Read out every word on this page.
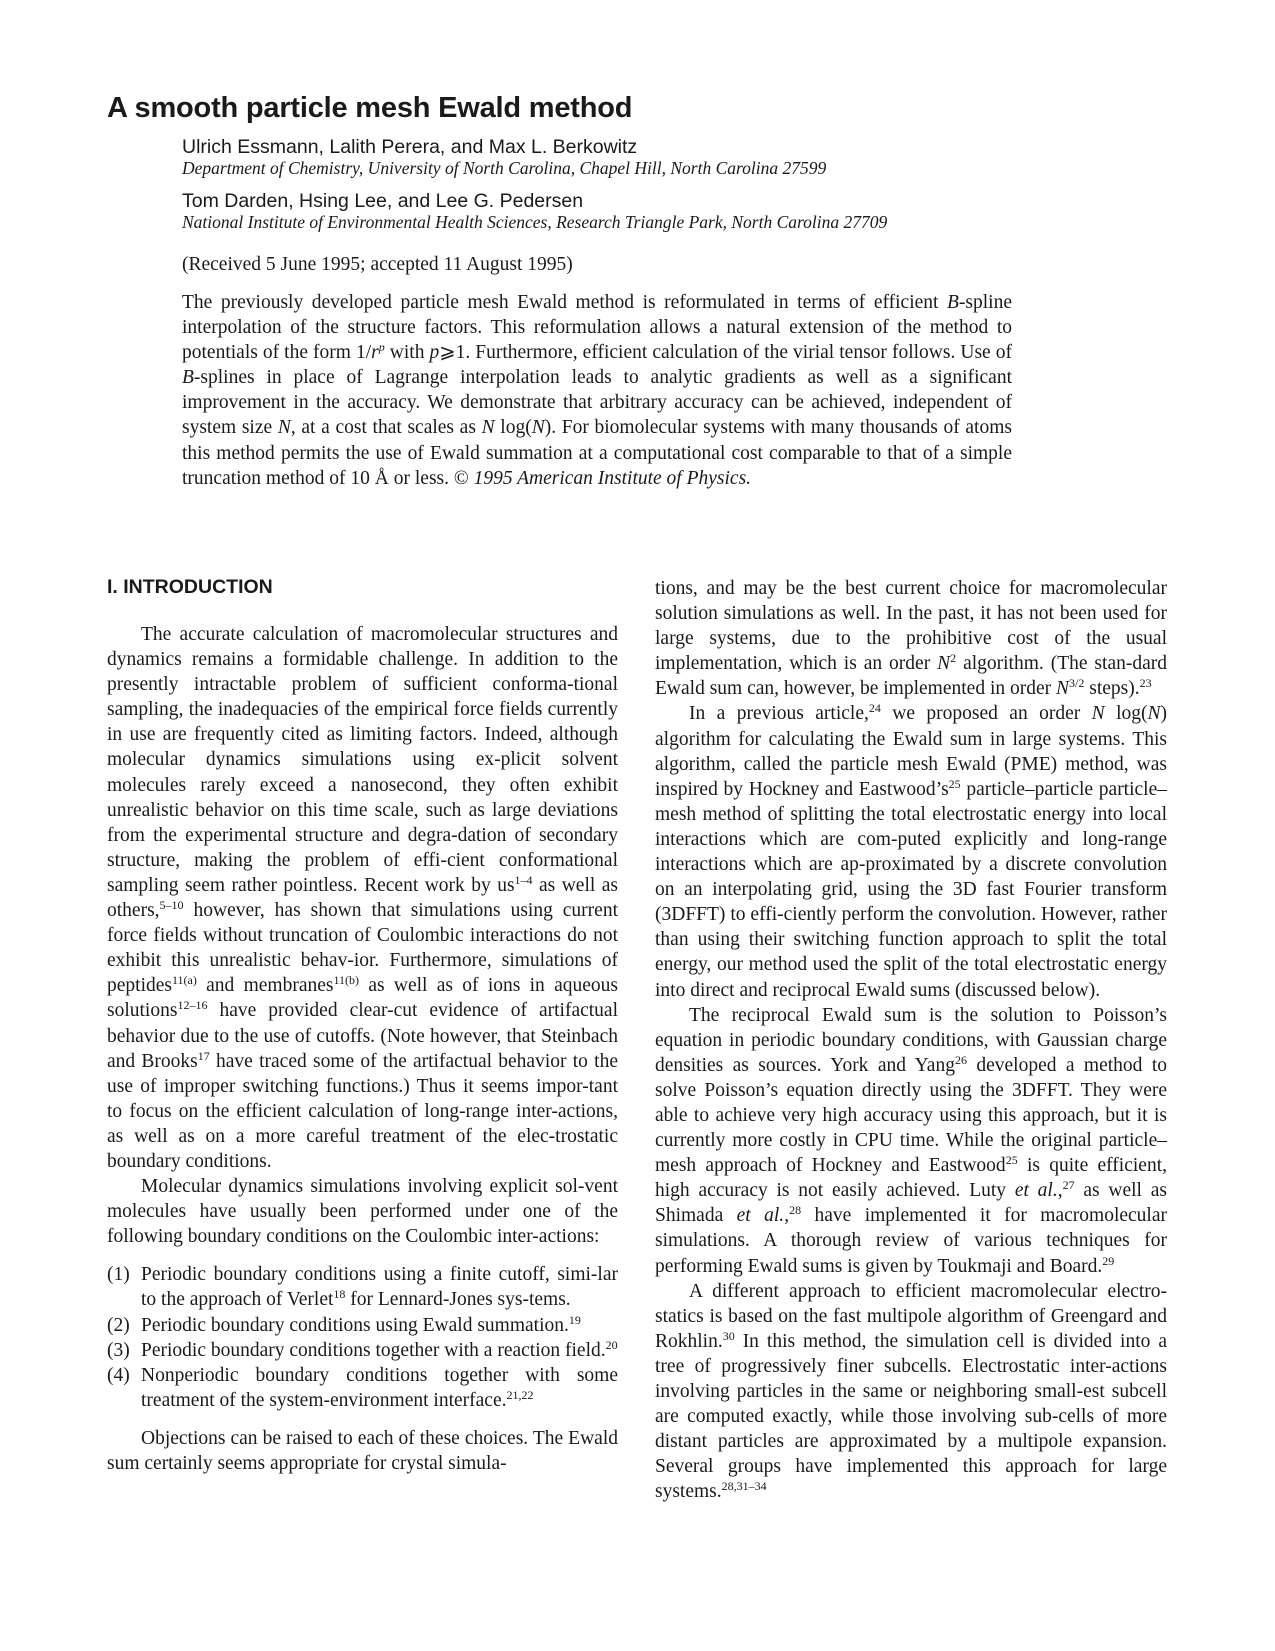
A smooth particle mesh Ewald method
Ulrich Essmann, Lalith Perera, and Max L. Berkowitz
Department of Chemistry, University of North Carolina, Chapel Hill, North Carolina 27599
Tom Darden, Hsing Lee, and Lee G. Pedersen
National Institute of Environmental Health Sciences, Research Triangle Park, North Carolina 27709
(Received 5 June 1995; accepted 11 August 1995)
The previously developed particle mesh Ewald method is reformulated in terms of efficient B-spline interpolation of the structure factors. This reformulation allows a natural extension of the method to potentials of the form $1/r^p$ with p⩾1. Furthermore, efficient calculation of the virial tensor follows. Use of B-splines in place of Lagrange interpolation leads to analytic gradients as well as a significant improvement in the accuracy. We demonstrate that arbitrary accuracy can be achieved, independent of system size N, at a cost that scales as N log(N). For biomolecular systems with many thousands of atoms this method permits the use of Ewald summation at a computational cost comparable to that of a simple truncation method of 10 Å or less. © 1995 American Institute of Physics.
I. INTRODUCTION

The accurate calculation of macromolecular structures and dynamics remains a formidable challenge. In addition to the presently intractable problem of sufficient conforma-tional sampling, the inadequacies of the empirical force fields currently in use are frequently cited as limiting factors. Indeed, although molecular dynamics simulations using ex-plicit solvent molecules rarely exceed a nanosecond, they often exhibit unrealistic behavior on this time scale, such as large deviations from the experimental structure and degra-dation of secondary structure, making the problem of effi-cient conformational sampling seem rather pointless. Recent work by $us^{1-4}$ as well as others,$^{5-10}$ however, has shown that simulations using current force fields without truncation of Coulombic interactions do not exhibit this unrealistic behav-ior. Furthermore, simulations of peptides$^{11(a)}$ and membranes$^{11(b)}$ as well as of ions in aqueous solutions$^{12-16}$ have provided clear-cut evidence of artifactual behavior due to the use of cutoffs. (Note however, that Steinbach and Brooks$^{17}$ have traced some of the artifactual behavior to the use of improper switching functions.) Thus it seems impor-tant to focus on the efficient calculation of long-range inter-actions, as well as on a more careful treatment of the elec-trostatic boundary conditions.

Molecular dynamics simulations involving explicit sol-vent molecules have usually been performed under one of the following boundary conditions on the Coulombic inter-actions:

(1) Periodic boundary conditions using a finite cutoff, simi-lar to the approach of Verlet$^{18}$ for Lennard-Jones sys-tems.
(2) Periodic boundary conditions using Ewald summation.$^{19}$
(3) Periodic boundary conditions together with a reaction field.$^{20}$
(4) Nonperiodic boundary conditions together with some treatment of the system-environment interface.$^{21,22}$

Objections can be raised to each of these choices. The Ewald sum certainly seems appropriate for crystal simula-

tions, and may be the best current choice for macromolecular solution simulations as well. In the past, it has not been used for large systems, due to the prohibitive cost of the usual implementation, which is an order $N^2$ algorithm. (The stan-dard Ewald sum can, however, be implemented in order $N^{3/2}$ steps).$^{23}$

In a previous article,$^{24}$ we proposed an order N log(N) algorithm for calculating the Ewald sum in large systems. This algorithm, called the particle mesh Ewald (PME) method, was inspired by Hockney and $Eastwood’s^{25}$ particle–particle particle–mesh method of splitting the total electrostatic energy into local interactions which are com-puted explicitly and long-range interactions which are ap-proximated by a discrete convolution on an interpolating grid, using the 3D fast Fourier transform (3DFFT) to effi-ciently perform the convolution. However, rather than using their switching function approach to split the total energy, our method used the split of the total electrostatic energy into direct and reciprocal Ewald sums (discussed below).

The reciprocal Ewald sum is the solution to Poisson’s equation in periodic boundary conditions, with Gaussian charge densities as sources. York and Yang$^{26}$ developed a method to solve Poisson’s equation directly using the 3DFFT. They were able to achieve very high accuracy using this approach, but it is currently more costly in CPU time. While the original particle–mesh approach of Hockney and Eastwood$^{25}$ is quite efficient, high accuracy is not easily achieved. Luty et al.,$^{27}$ as well as Shimada et al.,$^{28}$ have implemented it for macromolecular simulations. A thorough review of various techniques for performing Ewald sums is given by Toukmaji and Board.$^{29}$

A different approach to efficient macromolecular electro-statics is based on the fast multipole algorithm of Greengard and Rokhlin.$^{30}$ In this method, the simulation cell is divided into a tree of progressively finer subcells. Electrostatic inter-actions involving particles in the same or neighboring small-est subcell are computed exactly, while those involving sub-cells of more distant particles are approximated by a multipole expansion. Several groups have implemented this approach for large systems.$^{28,31-34}$
